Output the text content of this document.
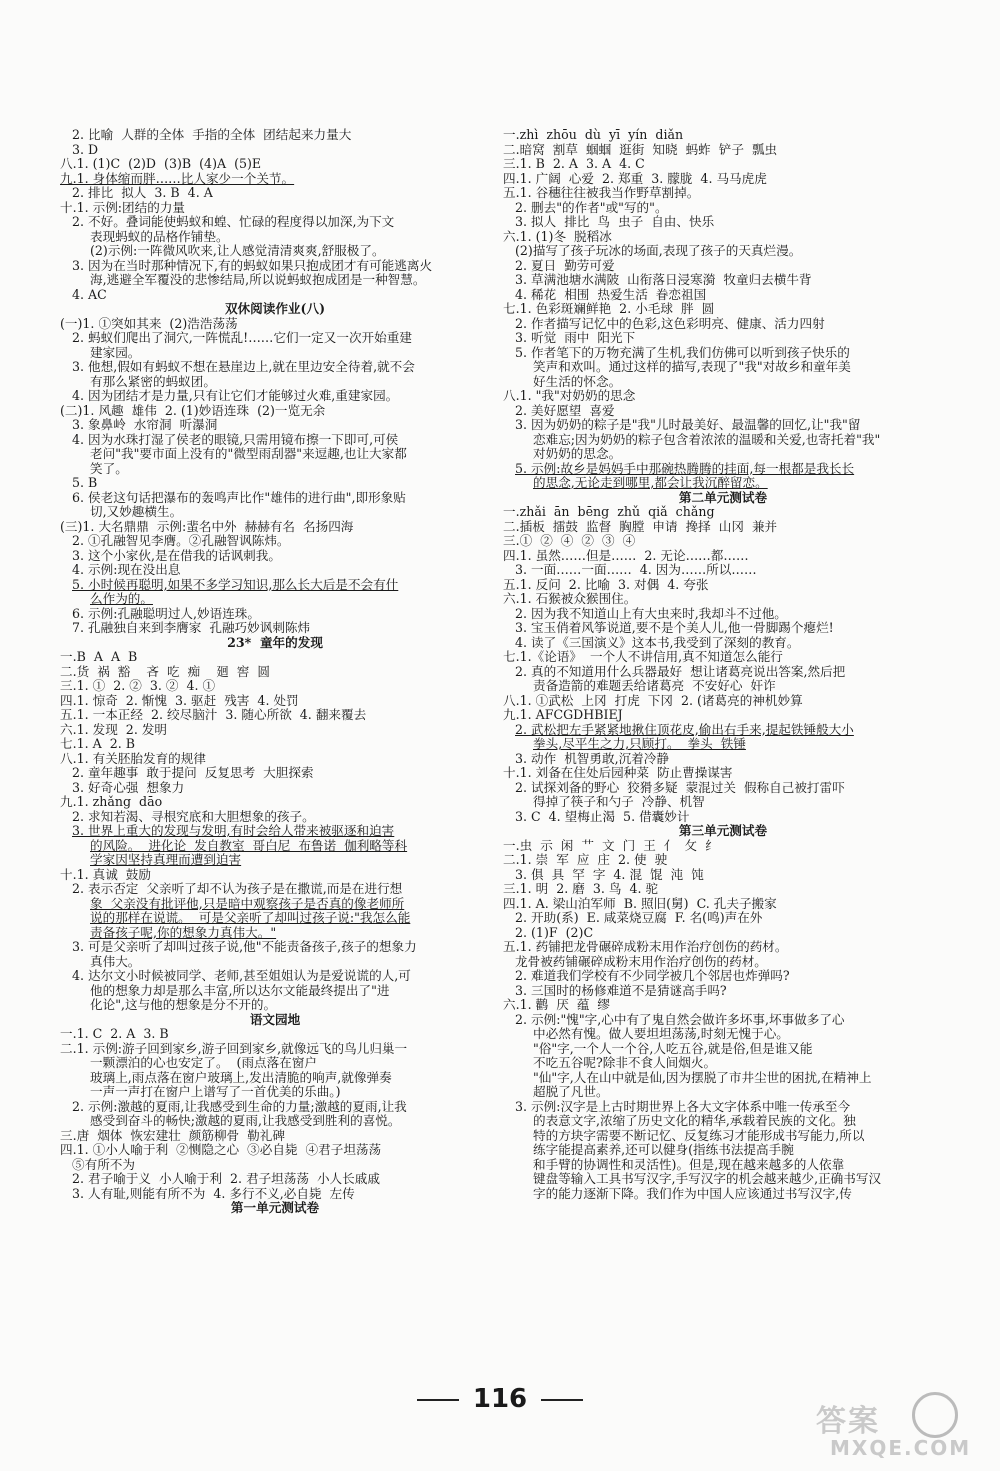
2. 比喻  人群的全体  手指的全体  团结起来力量大
3. D
八.1. (1)C  (2)D  (3)B  (4)A  (5)E
九.1. 身体缩而胖……比人家少一个关节。
2. 排比  拟人  3. B  4. A
十.1. 示例:团结的力量
2. 不好。叠词能使蚂蚁和蝗、忙碌的程度得以加深,为下文
表现蚂蚁的品格作铺垫。
(2)示例:一阵微风吹来,让人感觉清清爽爽,舒服极了。
3. 因为在当时那种情况下,有的蚂蚁如果只抱成团才有可能逃离火
海,逃避全军覆没的悲惨结局,所以说蚂蚁抱成团是一种智慧。
4. AC
双休阅读作业(八)
(一)1. ①突如其来  (2)浩浩荡荡
2. 蚂蚁们爬出了洞穴,一阵慌乱!……它们一定又一次开始重建
建家园。
3. 他想,假如有蚂蚁不想在悬崖边上,就在里边安全待着,就不会
有那么紧密的蚂蚁团。
4. 因为团结才是力量,只有让它们才能够过火难,重建家园。
(二)1. 风趣  雄伟  2. (1)妙语连珠  (2)一览无余
3. 象鼻岭  水帘洞  听瀑洞
4. 因为水珠打湿了侯老的眼镜,只需用镜布擦一下即可,可侯
老问"我"要市面上没有的"微型雨刮器"来逗趣,也让大家都
笑了。
5. B
6. 侯老这句话把瀑布的轰鸣声比作"雄伟的进行曲",即形象贴
切,又妙趣横生。
(三)1. 大名鼎鼎  示例:蜚名中外  赫赫有名  名扬四海
2. ①孔融智见李膺。②孔融智讽陈炜。
3. 这个小家伙,是在借我的话讽刺我。
4. 示例:现在没出息
5. 小时候再聪明,如果不多学习知识,那么长大后是不会有什
么作为的。
6. 示例:孔融聪明过人,妙语连珠。
7. 孔融独自来到李膺家  孔融巧妙讽刺陈炜
23*  童年的发现
一.B  A  A  B
二.货  祸  豁    吝  吃  痴    廻  窖  圆
三.1. ①  2. ②  3. ②  4. ①
四.1. 惊奇  2. 惭愧  3. 驱赶  残害  4. 处罚
五.1. 一本正经  2. 绞尽脑汁  3. 随心所欲  4. 翻来覆去
六.1. 发现  2. 发明
七.1. A  2. B
八.1. 有关胚胎发育的规律
2. 童年趣事  敢于提问  反复思考  大胆探索
3. 好奇心强  想象力
九.1. zhǎng  dāo
2. 求知若渴、寻根究底和大胆想象的孩子。
3. 世界上重大的发现与发明,有时会给人带来被驱逐和迫害
的风险。  进化论  发自教室  哥白尼  布鲁诺  伽利略等科
学家因坚持真理而遭到迫害
十.1. 真诚  鼓励
2. 表示否定  父亲听了却不认为孩子是在撒谎,而是在进行想
象  父亲没有批评他,只是暗中观察孩子是否真的像老师所
说的那样在说谎。  可是父亲听了却叫过孩子说:"我怎么能
责备孩子呢,你的想象力真伟大。"
3. 可是父亲听了却叫过孩子说,他"不能责备孩子,孩子的想象力
真伟大。
4. 达尔文小时候被同学、老师,甚至姐姐认为是爱说谎的人,可
他的想象力却是那么丰富,所以达尔文能最终提出了"进
化论",这与他的想象是分不开的。
语文园地
一.1. C  2. A  3. B
二.1. 示例:游子回到家乡,游子回到家乡,就像远飞的鸟儿归巢一
一颗漂泊的心也安定了。  (雨点落在窗户
玻璃上,雨点落在窗户玻璃上,发出清脆的响声,就像弹奏
一声一声打在窗户上谱写了一首优美的乐曲。)
2. 示例:激越的夏雨,让我感受到生命的力量;激越的夏雨,让我
感受到奋斗的畅快;激越的夏雨,让我感受到胜利的喜悦。
三.唐  烟体  恢宏建壮  颜筋柳骨  勒礼碑
四.1. ①小人喻于利  ②恻隐之心  ③必自毙  ④君子坦荡荡
⑤有所不为
2. 君子喻于义  小人喻于利  2. 君子坦荡荡  小人长戚戚
3. 人有耻,则能有所不为  4. 多行不义,必自毙  左传
第一单元测试卷
一.zhì  zhōu  dù  yī  yín  diǎn
二.暗窝  割草  蝈蝈  逛街  知晓  蚂蚱  铲子  瓢虫
三.1. B  2. A  3. A  4. C
四.1. 广阔  心爱  2. 郑重  3. 朦胧  4. 马马虎虎
五.1. 谷穗往往被我当作野草割掉。
2. 删去"的作者"或"写的"。
3. 拟人  排比  鸟  虫子  自由、快乐
六.1. (1)冬  脱稻冰
(2)描写了孩子玩冰的场面,表现了孩子的天真烂漫。
2. 夏日  勤劳可爱
3. 草满池塘水满陂  山衔落日浸寒漪  牧童归去横牛背
4. 稀花  相围  热爱生活  眷恋祖国
七.1. 色彩斑斓鲜艳  2. 小毛球  胖  圆
2. 作者描写记忆中的色彩,这色彩明亮、健康、活力四射
3. 听觉  雨中  阳光下
5. 作者笔下的万物充满了生机,我们仿佛可以听到孩子快乐的
笑声和欢叫。通过这样的描写,表现了"我"对故乡和童年美
好生活的怀念。
八.1. "我"对奶奶的思念
2. 美好愿望  喜爱
3. 因为奶奶的粽子是"我"儿时最美好、最温馨的回忆,让"我"留
恋难忘;因为奶奶的粽子包含着浓浓的温暖和关爱,也寄托着"我"
对奶奶的思念。
5. 示例:故乡是妈妈手中那碗热腾腾的挂面,每一根都是我长长
的思念,无论走到哪里,都会让我沉醉留恋。
第二单元测试卷
一.zhǎi  ān  bēng  zhǔ  qiǎ  chǎng
二.插板  擂鼓  监督  胸膛  申请  搀择  山冈  兼并
三.①  ②  ④  ②  ③  ④
四.1. 虽然……但是……  2. 无论……都……
3. 一面……一面……  4. 因为……所以……
五.1. 反问  2. 比喻  3. 对偶  4. 夸张
六.1. 石猴被众猴围住。
2. 因为我不知道山上有大虫来时,我却斗不过他。
3. 宝玉俏着风筝说道,要不是个美人儿,他一骨脚踢个瘪烂!
4. 读了《三国演义》这本书,我受到了深刻的教育。
七.1.《论语》  一个人不讲信用,真不知道怎么能行
2. 真的不知道用什么兵器最好  想让诸葛亮说出答案,然后把
责备造箭的难题丢给诸葛亮  不安好心  奸诈
八.1. ①武松  上冈  打虎  下冈  2. (诸葛亮的神机妙算
九.1. AFCGDHBIEJ
2. 武松把左手紧紧地揪住顶花皮,偷出右手来,提起铁锤般大小
拳头,尽平生之力,只顾打。  拳头  铁锤
3. 动作  机智勇敢,沉着冷静
十.1. 刘备在住处后园种菜  防止曹操谋害
2. 试探刘备的野心  狡猾多疑  蒙混过关  假称自己被打雷吓
得掉了筷子和勺子  冷静、机智
3. C  4. 望梅止渴  5. 借囊妙计
第三单元测试卷
一.虫  示  闲  艹  文  门  王  亻  攵  纟
二.1. 崇  军  应  庄  2. 使  驶
3. 俱  具  罕  字  4. 混  馄  沌  饨
三.1. 明  2. 磨  3. 鸟  4. 驼
四.1. A. 梁山泊军师  B. 照旧(舅)  C. 孔夫子搬家
2. 开助(系)  E. 咸菜烧豆腐  F. 名(鸣)声在外
2. (1)F  (2)C
五.1. 药铺把龙骨碾碎成粉末用作治疗创伤的药材。
龙骨被药铺碾碎成粉末用作治疗创伤的药材。
2. 难道我们学校有不少同学被几个邻居也炸弹吗?
3. 三国时的杨修难道不是猜谜高手吗?
六.1. 鹳  厌  蕴  缪
2. 示例:"愧"字,心中有了鬼自然会做许多坏事,坏事做多了心
中必然有愧。做人要坦坦荡荡,时刻无愧于心。
"俗"字,一个人一个谷,人吃五谷,就是俗,但是谁又能
不吃五谷呢?除非不食人间烟火。
"仙"字,人在山中就是仙,因为摆脱了市井尘世的困扰,在精神上
超脱了凡世。
3. 示例:汉字是上古时期世界上各大文字体系中唯一传承至今
的表意文字,浓缩了历史文化的精华,承载着民族的文化。独
特的方块字需要不断记忆、反复练习才能形成书写能力,所以
练字能提高素养,还可以健身(指练书法提高手腕
和手臂的协调性和灵活性)。但是,现在越来越多的人依靠
键盘等输入工具书写汉字,手写汉字的机会越来越少,正确书写汉
字的能力逐渐下降。我们作为中国人应该通过书写汉字,传
116
答案
MXQE.COM
